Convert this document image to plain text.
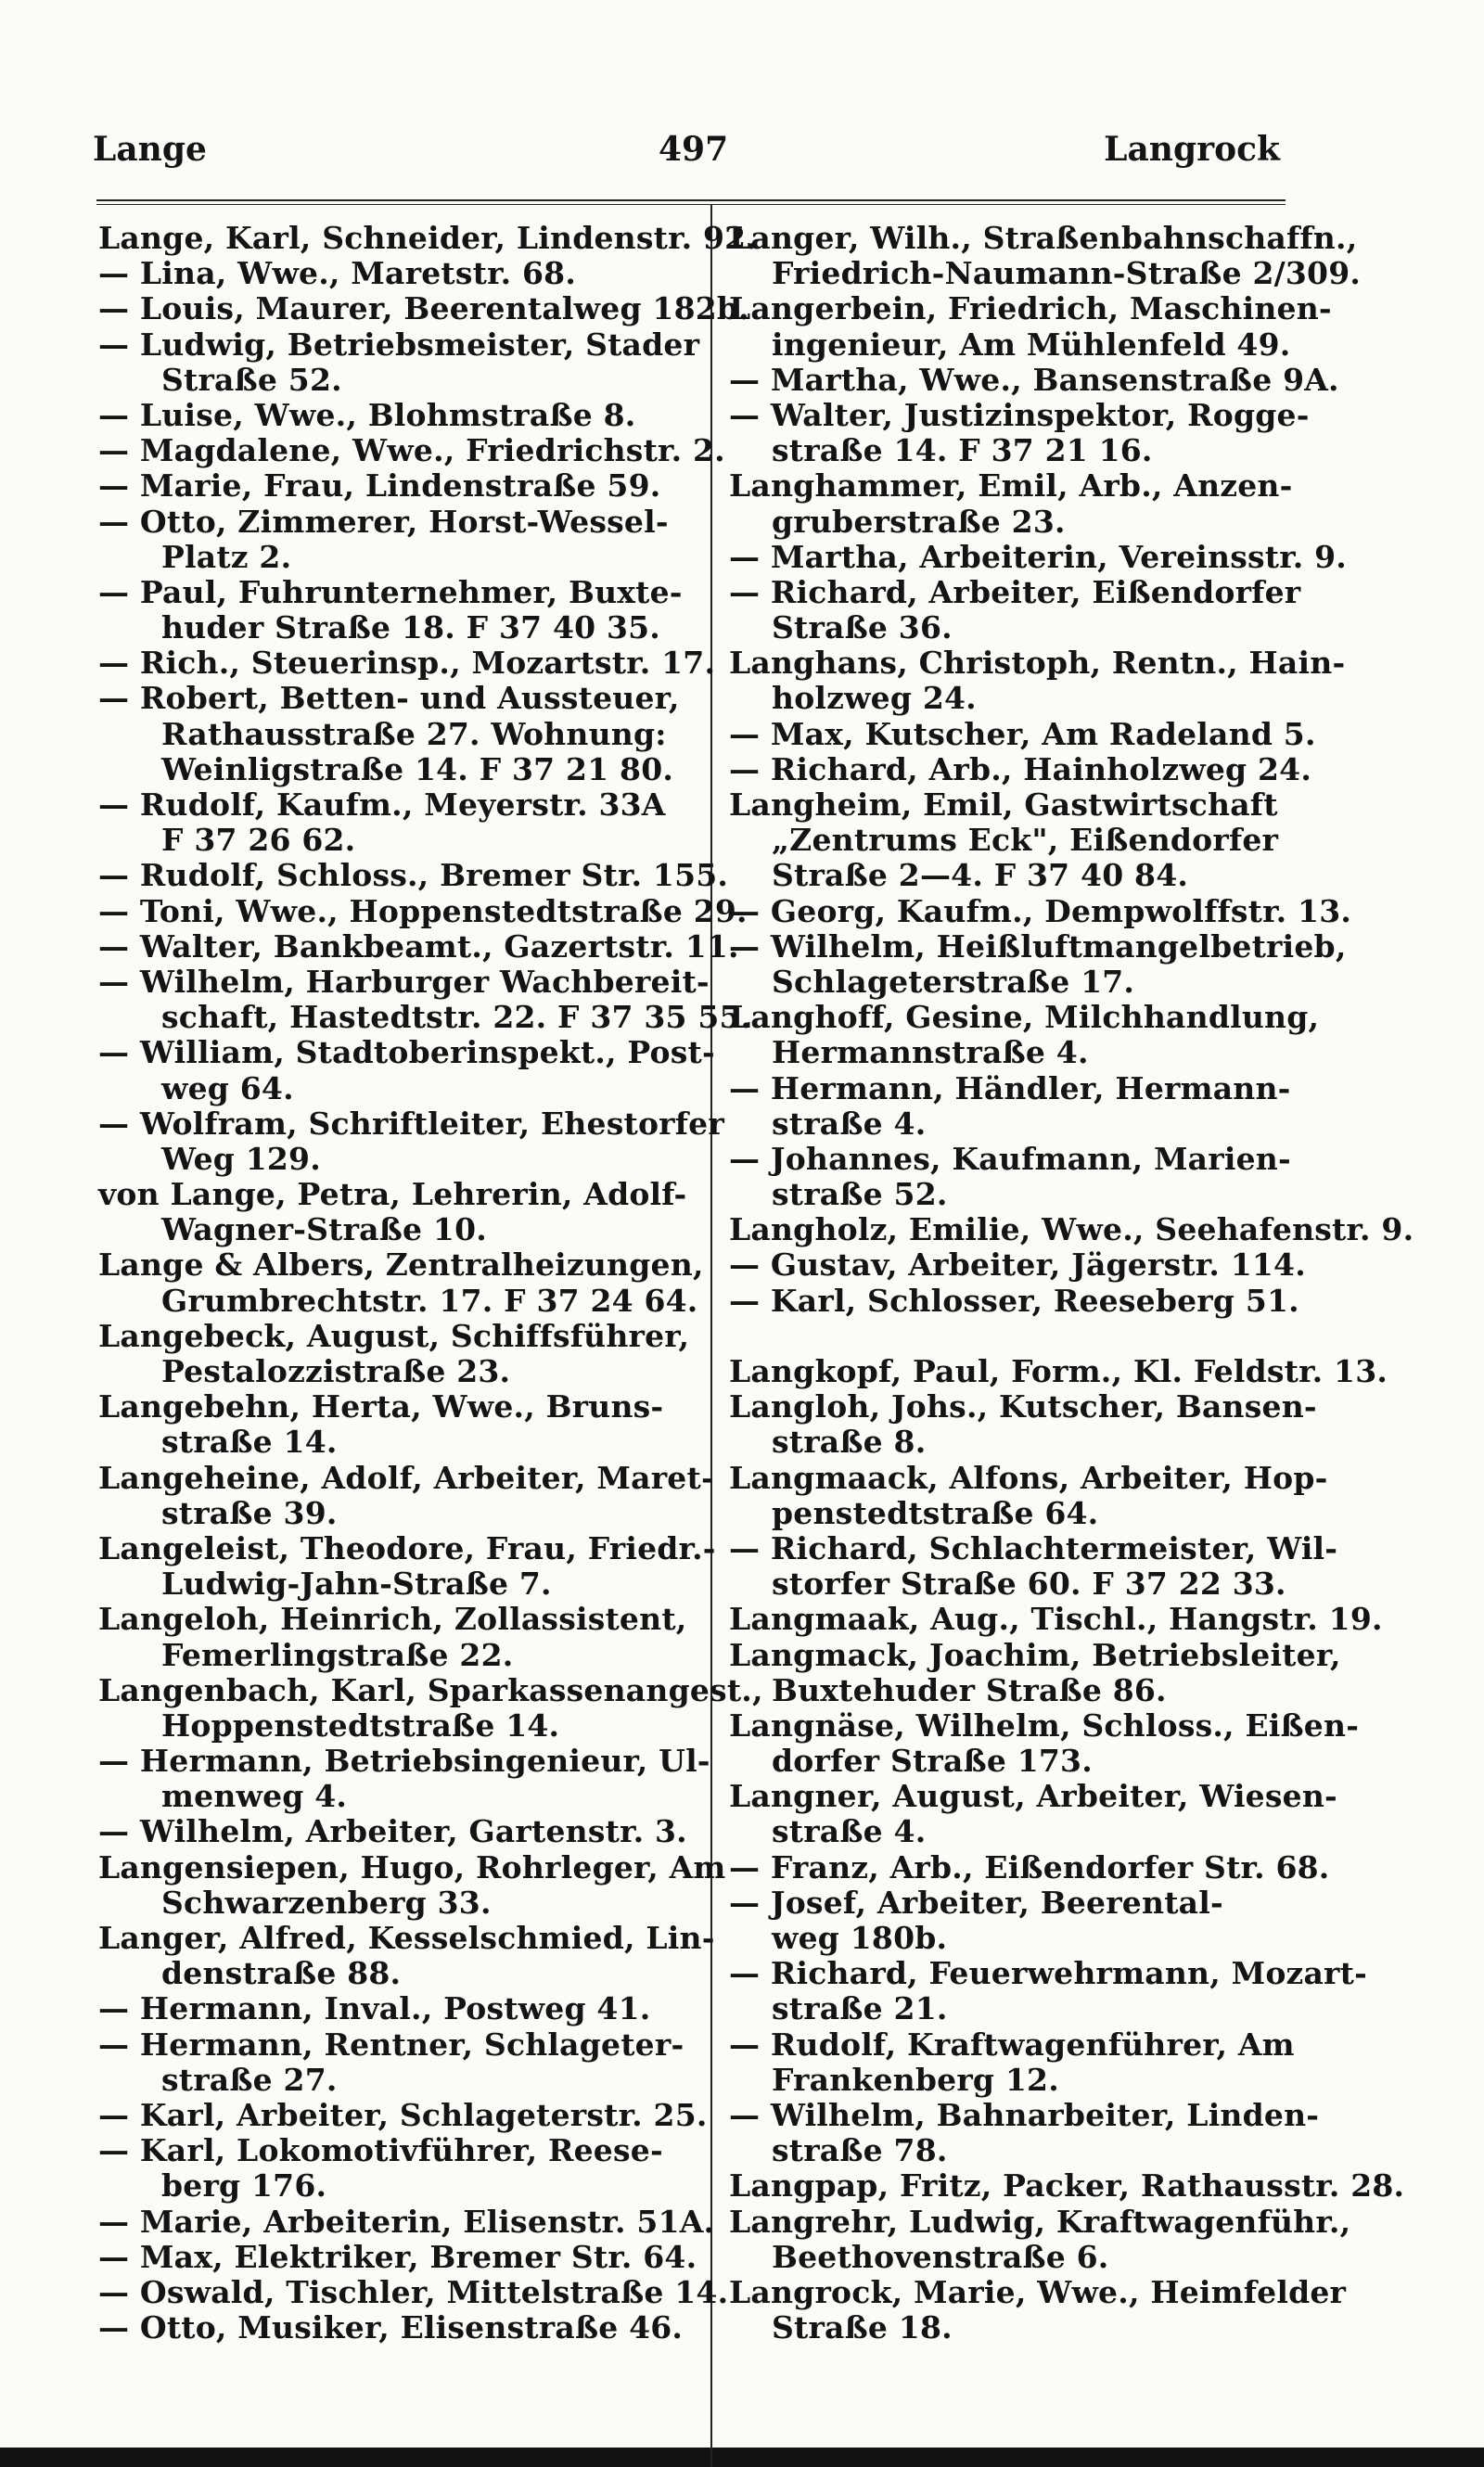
Lange	497	Langrock
Lange, Karl, Schneider, Lindenstr. 92.
— Lina, Wwe., Maretstr. 68.
— Louis, Maurer, Beerentalweg 182b.
— Ludwig, Betriebsmeister, Stader
Straße 52.
— Luise, Wwe., Blohmstraße 8.
— Magdalene, Wwe., Friedrichstr. 2.
— Marie, Frau, Lindenstraße 59.
— Otto, Zimmerer, Horst-Wessel-
Platz 2.
— Paul, Fuhrunternehmer, Buxte-
huder Straße 18. F 37 40 35.
— Rich., Steuerinsp., Mozartstr. 17.
— Robert, Betten- und Aussteuer,
Rathausstraße 27. Wohnung:
Weinligstraße 14. F 37 21 80.
— Rudolf, Kaufm., Meyerstr. 33A
F 37 26 62.
— Rudolf, Schloss., Bremer Str. 155.
— Toni, Wwe., Hoppenstedtstraße 29.
— Walter, Bankbeamt., Gazertstr. 11.
— Wilhelm, Harburger Wachbereit-
schaft, Hastedtstr. 22. F 37 35 55.
— William, Stadtoberinspekt., Post-
weg 64.
— Wolfram, Schriftleiter, Ehestorfer
Weg 129.
von Lange, Petra, Lehrerin, Adolf-
Wagner-Straße 10.
Lange & Albers, Zentralheizungen,
Grumbrechtstr. 17. F 37 24 64.
Langebeck, August, Schiffsführer,
Pestalozzistraße 23.
Langebehn, Herta, Wwe., Bruns-
straße 14.
Langeheine, Adolf, Arbeiter, Maret-
straße 39.
Langeleist, Theodore, Frau, Friedr.-
Ludwig-Jahn-Straße 7.
Langeloh, Heinrich, Zollassistent,
Femerlingstraße 22.
Langenbach, Karl, Sparkassenangest.,
Hoppenstedtstraße 14.
— Hermann, Betriebsingenieur, Ul-
menweg 4.
— Wilhelm, Arbeiter, Gartenstr. 3.
Langensiepen, Hugo, Rohrleger, Am
Schwarzenberg 33.
Langer, Alfred, Kesselschmied, Lin-
denstraße 88.
— Hermann, Inval., Postweg 41.
— Hermann, Rentner, Schlageter-
straße 27.
— Karl, Arbeiter, Schlageterstr. 25.
— Karl, Lokomotivführer, Reese-
berg 176.
— Marie, Arbeiterin, Elisenstr. 51A.
— Max, Elektriker, Bremer Str. 64.
— Oswald, Tischler, Mittelstraße 14.
— Otto, Musiker, Elisenstraße 46.
Langer, Wilh., Straßenbahnschaffn.,
Friedrich-Naumann-Straße 2/309.
Langerbein, Friedrich, Maschinen-
ingenieur, Am Mühlenfeld 49.
— Martha, Wwe., Bansenstraße 9A.
— Walter, Justizinspektor, Rogge-
straße 14. F 37 21 16.
Langhammer, Emil, Arb., Anzen-
gruberstraße 23.
— Martha, Arbeiterin, Vereinsstr. 9.
— Richard, Arbeiter, Eißendorfer
Straße 36.
Langhans, Christoph, Rentn., Hain-
holzweg 24.
— Max, Kutscher, Am Radeland 5.
— Richard, Arb., Hainholzweg 24.
Langheim, Emil, Gastwirtschaft
„Zentrums Eck", Eißendorfer
Straße 2—4. F 37 40 84.
— Georg, Kaufm., Dempwolffstr. 13.
— Wilhelm, Heißluftmangelbetrieb,
Schlageterstraße 17.
Langhoff, Gesine, Milchhandlung,
Hermannstraße 4.
— Hermann, Händler, Hermann-
straße 4.
— Johannes, Kaufmann, Marien-
straße 52.
Langholz, Emilie, Wwe., Seehafenstr. 9.
— Gustav, Arbeiter, Jägerstr. 114.
— Karl, Schlosser, Reeseberg 51.
Langkopf, Paul, Form., Kl. Feldstr. 13.
Langloh, Johs., Kutscher, Bansen-
straße 8.
Langmaack, Alfons, Arbeiter, Hop-
penstedtstraße 64.
— Richard, Schlachtermeister, Wil-
storfer Straße 60. F 37 22 33.
Langmaak, Aug., Tischl., Hangstr. 19.
Langmack, Joachim, Betriebsleiter,
Buxtehuder Straße 86.
Langnäse, Wilhelm, Schloss., Eißen-
dorfer Straße 173.
Langner, August, Arbeiter, Wiesen-
straße 4.
— Franz, Arb., Eißendorfer Str. 68.
— Josef, Arbeiter, Beerental-
weg 180b.
— Richard, Feuerwehrmann, Mozart-
straße 21.
— Rudolf, Kraftwagenführer, Am
Frankenberg 12.
— Wilhelm, Bahnarbeiter, Linden-
straße 78.
Langpap, Fritz, Packer, Rathausstr. 28.
Langrehr, Ludwig, Kraftwagenführ.,
Beethovenstraße 6.
Langrock, Marie, Wwe., Heimfelder
Straße 18.
